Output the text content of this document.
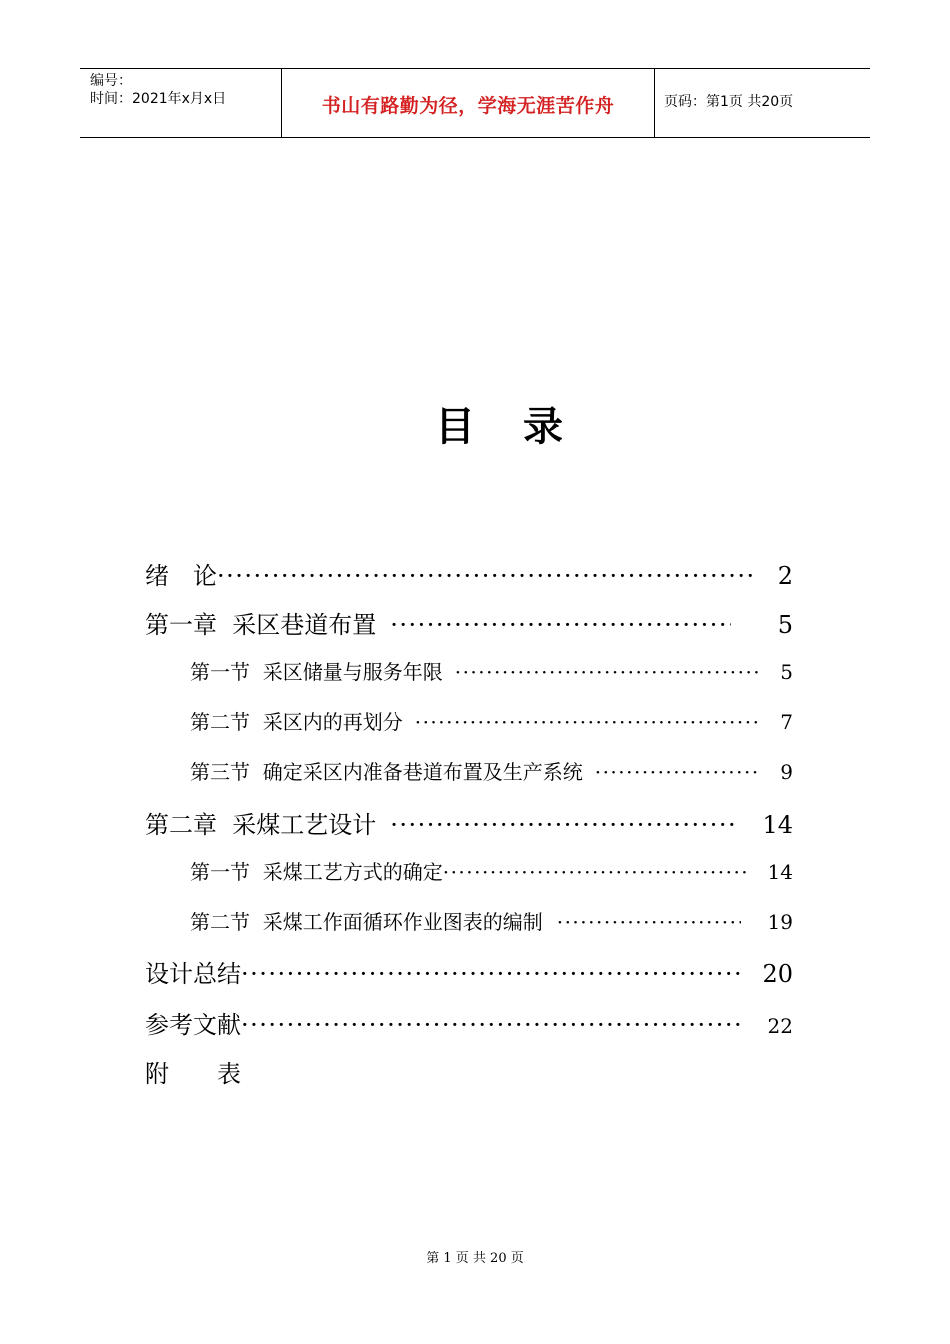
编号：
时间：2021年x月x日	书山有路勤为径，学海无涯苦作舟	页码：第1页 共20页
目录
绪　论 ·····	2
第一章  采区巷道布置 ·····	5
第一节  采区储量与服务年限 ·····	5
第二节  采区内的再划分 ·····	7
第三节  确定采区内准备巷道布置及生产系统 ·····	9
第二章  采煤工艺设计 ·····	14
第一节  采煤工艺方式的确定 ·····	14
第二节  采煤工作面循环作业图表的编制 ·····	19
设计总结 ·····	20
参考文献 ·····	22
附　　表
第 1 页 共 20 页
